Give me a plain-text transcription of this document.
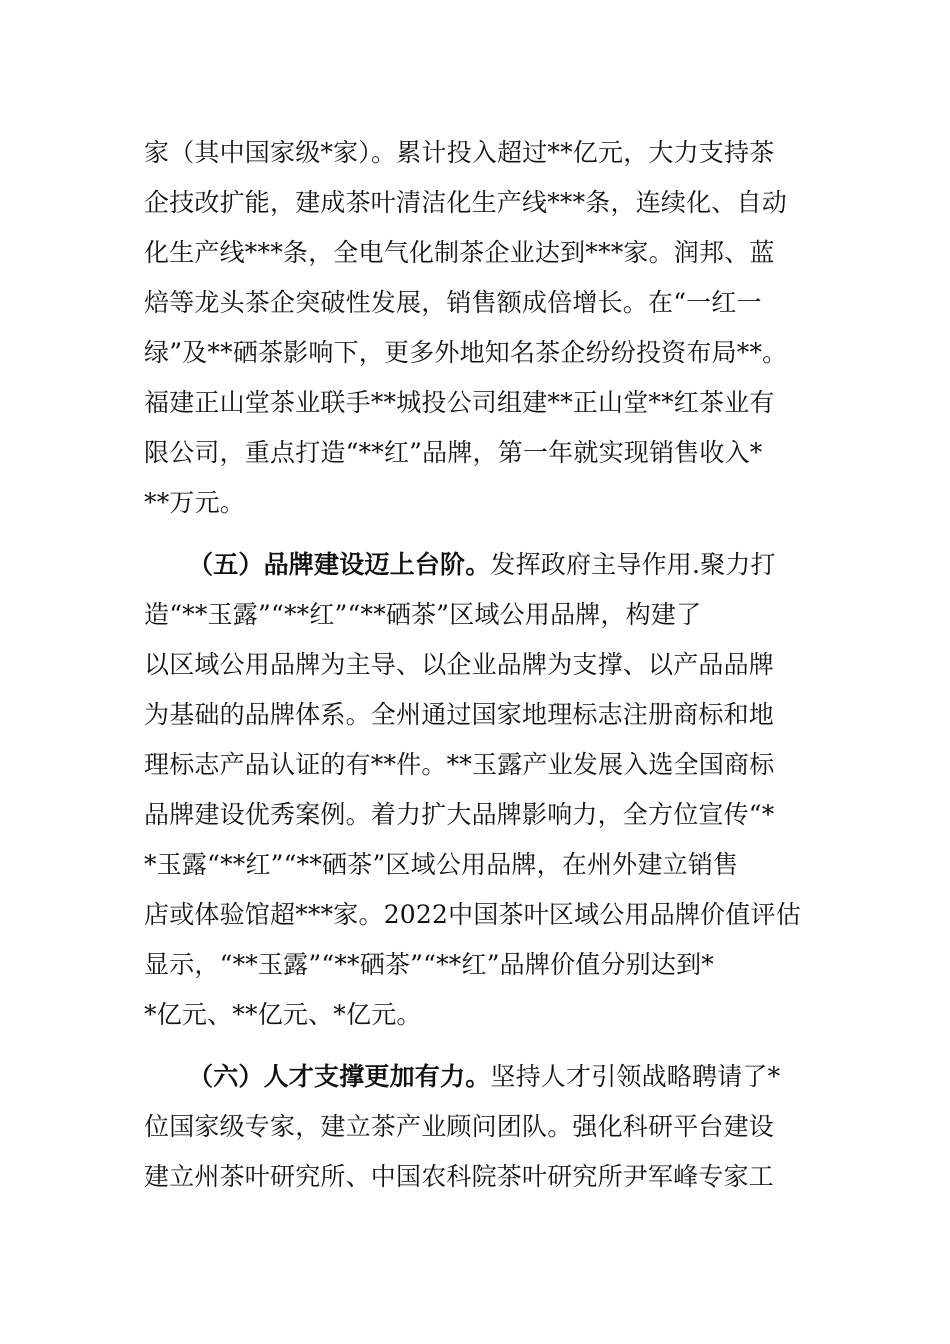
家（其中国家级*家）。累计投入超过**亿元，大力支持茶
企技改扩能，建成茶叶清洁化生产线***条，连续化、自动
化生产线***条，全电气化制茶企业达到***家。润邦、蓝
焙等龙头茶企突破性发展，销售额成倍增长。在“一红一
绿”及**硒茶影响下，更多外地知名茶企纷纷投资布局**。
福建正山堂茶业联手**城投公司组建**正山堂**红茶业有
限公司，重点打造“**红”品牌，第一年就实现销售收入*
**万元。
（五）品牌建设迈上台阶。发挥政府主导作用.聚力打
造“**玉露”“**红”“**硒茶”区域公用品牌，构建了
以区域公用品牌为主导、以企业品牌为支撑、以产品品牌
为基础的品牌体系。全州通过国家地理标志注册商标和地
理标志产品认证的有**件。**玉露产业发展入选全国商标
品牌建设优秀案例。着力扩大品牌影响力，全方位宣传“*
*玉露“**红”“**硒茶”区域公用品牌，在州外建立销售
店或体验馆超***家。2022中国茶叶区域公用品牌价值评估
显示，“**玉露”“**硒茶”“**红”品牌价值分别达到*
*亿元、**亿元、*亿元。
（六）人才支撑更加有力。坚持人才引领战略聘请了*
位国家级专家，建立茶产业顾问团队。强化科研平台建设
建立州茶叶研究所、中国农科院茶叶研究所尹军峰专家工
